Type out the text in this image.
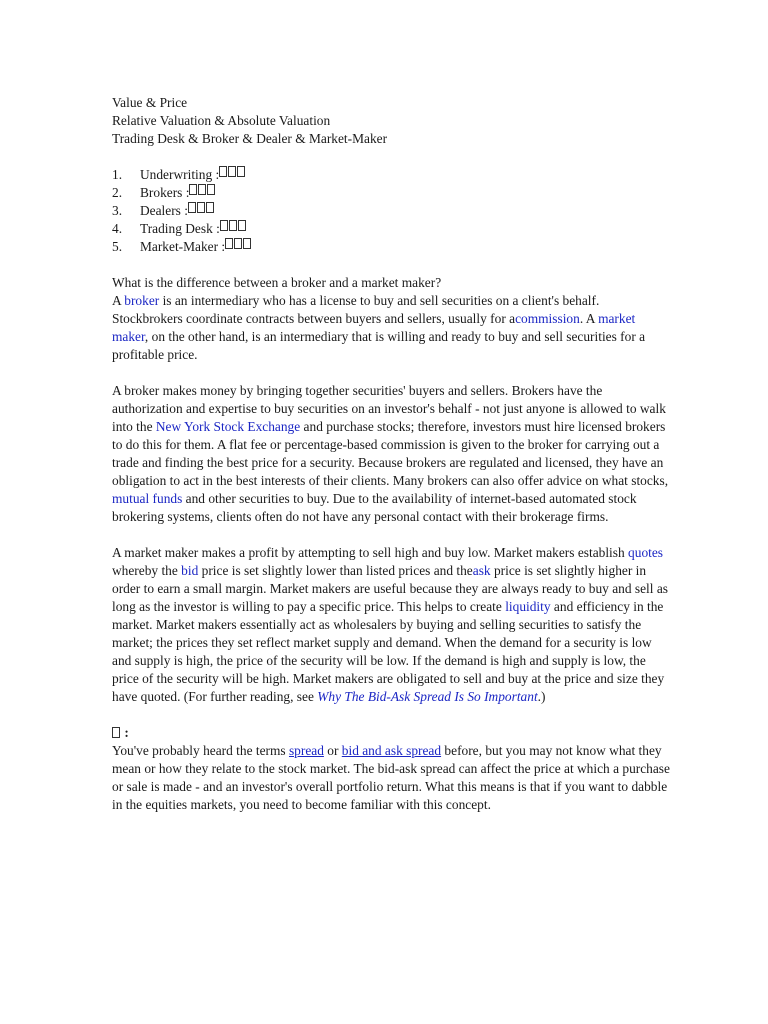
Value & Price
Relative Valuation & Absolute Valuation
Trading Desk & Broker & Dealer & Market-Maker
1.	Underwriting :
2.	Brokers :
3.	Dealers :
4.	Trading Desk :
5.	Market-Maker :
What is the difference between a broker and a market maker?

A broker is an intermediary who has a license to buy and sell securities on a client's behalf. Stockbrokers coordinate contracts between buyers and sellers, usually for acommission. A market maker, on the other hand, is an intermediary that is willing and ready to buy and sell securities for a profitable price.

A broker makes money by bringing together securities' buyers and sellers. Brokers have the authorization and expertise to buy securities on an investor's behalf - not just anyone is allowed to walk into the New York Stock Exchange and purchase stocks; therefore, investors must hire licensed brokers to do this for them. A flat fee or percentage-based commission is given to the broker for carrying out a trade and finding the best price for a security. Because brokers are regulated and licensed, they have an obligation to act in the best interests of their clients. Many brokers can also offer advice on what stocks, mutual funds and other securities to buy. Due to the availability of internet-based automated stock brokering systems, clients often do not have any personal contact with their brokerage firms.

A market maker makes a profit by attempting to sell high and buy low. Market makers establish quotes whereby the bid price is set slightly lower than listed prices and theask price is set slightly higher in order to earn a small margin. Market makers are useful because they are always ready to buy and sell as long as the investor is willing to pay a specific price. This helps to create liquidity and efficiency in the market. Market makers essentially act as wholesalers by buying and selling securities to satisfy the market; the prices they set reflect market supply and demand. When the demand for a security is low and supply is high, the price of the security will be low. If the demand is high and supply is low, the price of the security will be high. Market makers are obligated to sell and buy at the price and size they have quoted. (For further reading, see Why The Bid-Ask Spread Is So Important.)

:

You've probably heard the terms spread or bid and ask spread before, but you may not know what they mean or how they relate to the stock market. The bid-ask spread can affect the price at which a purchase or sale is made - and an investor's overall portfolio return. What this means is that if you want to dabble in the equities markets, you need to become familiar with this concept.
